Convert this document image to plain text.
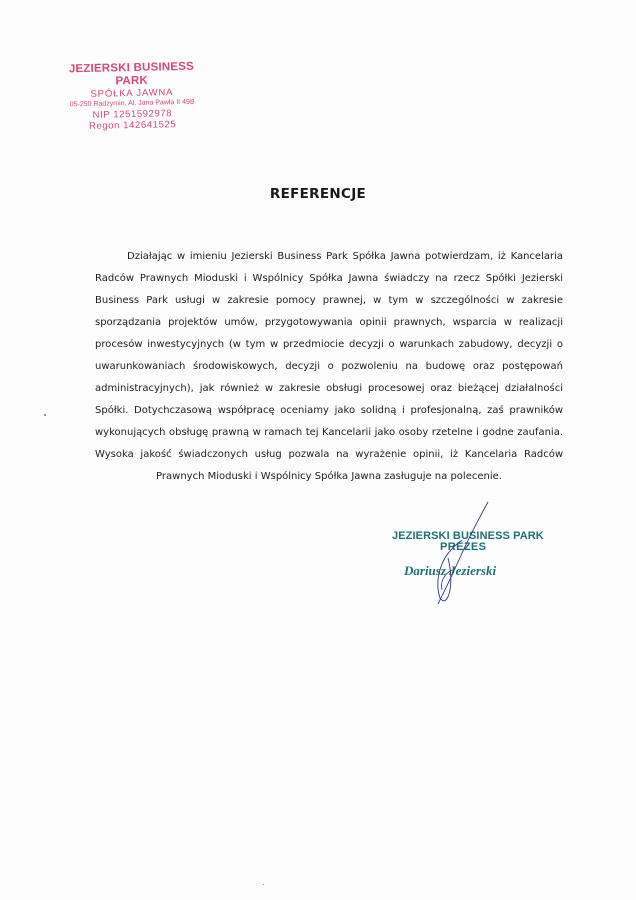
JEZIERSKI BUSINESS PARK
SPÓŁKA JAWNA
05-250 Radzymin, Al. Jana Pawła II 49B
NIP 1251592978
Regon 142641525
REFERENCJE
Działając w imieniu Jezierski Business Park Spółka Jawna potwierdzam, iż Kancelaria
Radców Prawnych Mioduski i Wspólnicy Spółka Jawna świadczy na rzecz Spółki Jezierski
Business Park usługi w zakresie pomocy prawnej, w tym w szczególności w zakresie
sporządzania projektów umów, przygotowywania opinii prawnych, wsparcia w realizacji
procesów inwestycyjnych (w tym w przedmiocie decyzji o warunkach zabudowy, decyzji o
uwarunkowaniach środowiskowych, decyzji o pozwoleniu na budowę oraz postępowań
administracyjnych), jak również w zakresie obsługi procesowej oraz bieżącej działalności
Spółki. Dotychczasową współpracę oceniamy jako solidną i profesjonalną, zaś prawników
wykonujących obsługę prawną w ramach tej Kancelarii jako osoby rzetelne i godne zaufania.
Wysoka jakość świadczonych usług pozwala na wyrażenie opinii, iż Kancelaria Radców
Prawnych Mioduski i Wspólnicy Spółka Jawna zasługuje na polecenie.
JEZIERSKI BUSINESS PARK
PREZES
Dariusz Jezierski
